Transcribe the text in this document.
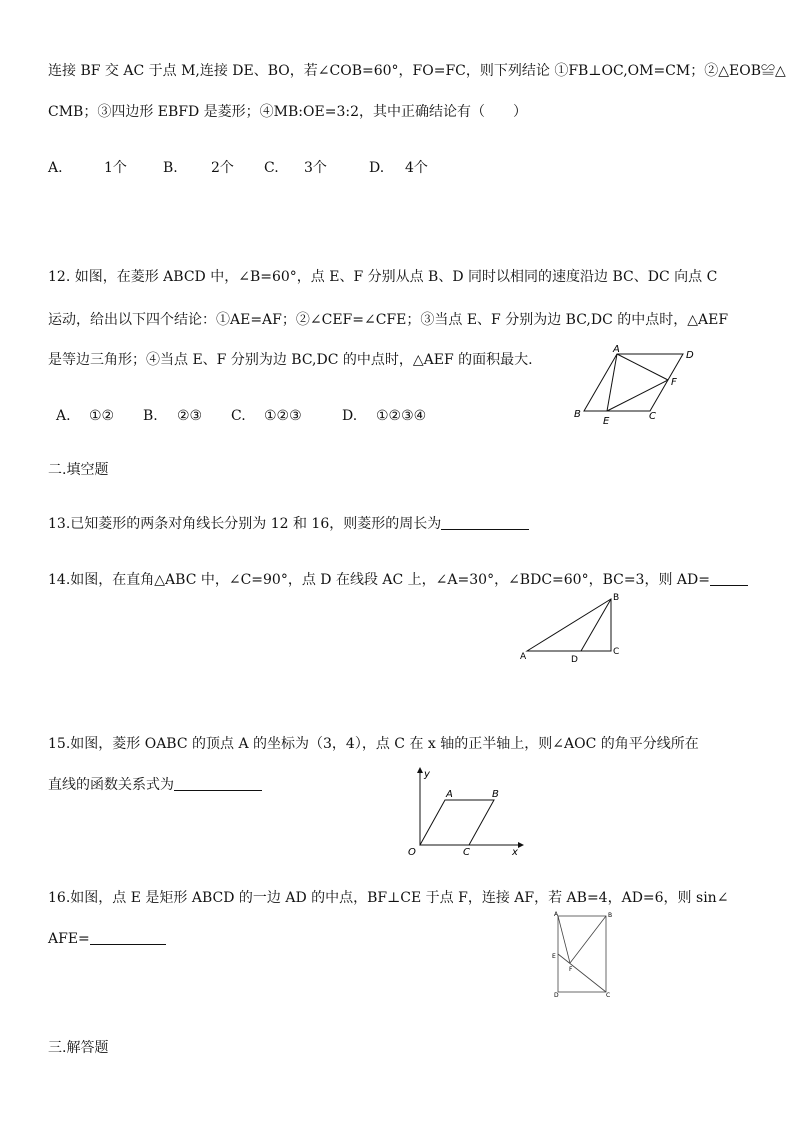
连接 BF 交 AC 于点 M,连接 DE、BO，若∠COB=60°，FO=FC，则下列结论 ①FB⊥OC,OM=CM；②△EOB≌△
CMB；③四边形 EBFD 是菱形；④MB:OE=3:2，其中正确结论有（　　）
A.	1个	B. 2个 C. 3个	D. 4个
12. 如图，在菱形 ABCD 中，∠B=60°，点 E、F 分别从点 B、D 同时以相同的速度沿边 BC、DC 向点 C
运动，给出以下四个结论：①AE=AF；②∠CEF=∠CFE；③当点 E、F 分别为边 BC,DC 的中点时，△AEF
是等边三角形；④当点 E、F 分别为边 BC,DC 的中点时，△AEF 的面积最大.
A. ①② B. ②③ C. ①②③	D. ①②③④
A
D
F
B
E	C
二.填空题
13.已知菱形的两条对角线长分别为 12 和 16，则菱形的周长为
14.如图，在直角△ABC 中，∠C=90°，点 D 在线段 AC 上，∠A=30°，∠BDC=60°，BC=3，则 AD=
B
A	D
C
15.如图，菱形 OABC 的顶点 A 的坐标为（3，4），点 C 在 x 轴的正半轴上，则∠AOC 的角平分线所在
直线的函数关系式为
y
A	B
O	C	x
16.如图，点 E 是矩形 ABCD 的一边 AD 的中点，BF⊥CE 于点 F，连接 AF，若 AB=4，AD=6，则 sin∠
AFE=
A	B
E
F
D	C
三.解答题
